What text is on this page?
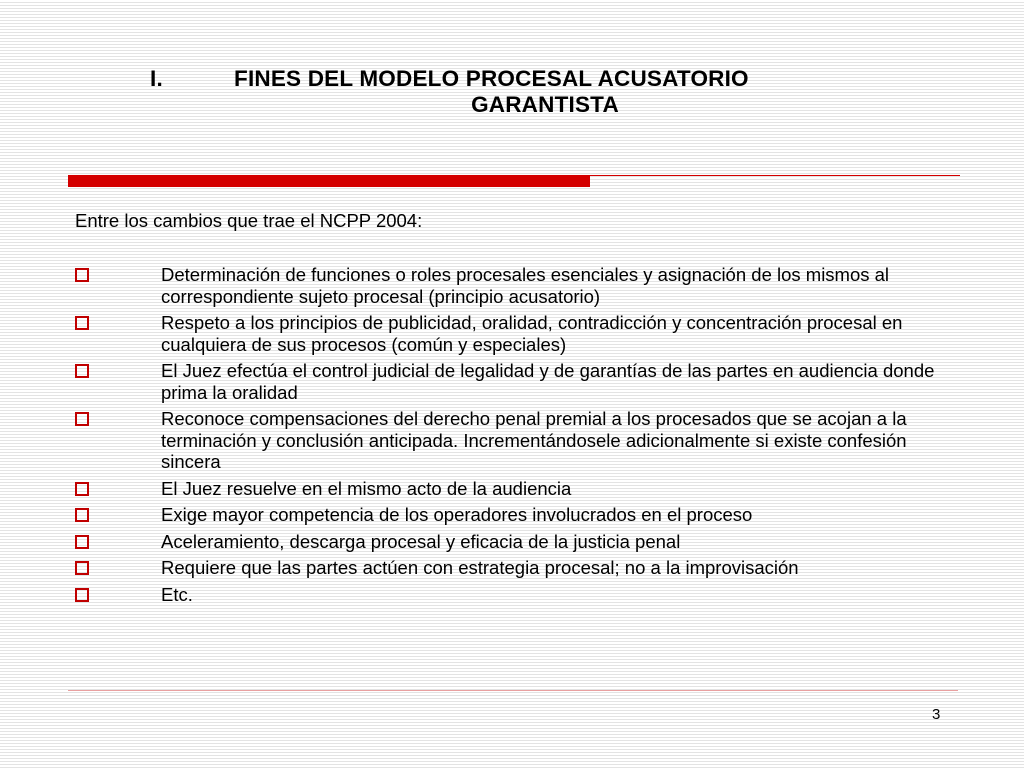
I.	FINES DEL MODELO PROCESAL ACUSATORIO
GARANTISTA
Entre los cambios que trae el NCPP 2004:
Determinación de funciones o roles procesales esenciales y asignación de los mismos al correspondiente sujeto procesal (principio acusatorio)
Respeto a los principios de publicidad, oralidad, contradicción y concentración procesal en cualquiera de sus procesos (común y especiales)
El Juez efectúa el control judicial de legalidad y de garantías de las partes en audiencia donde prima la oralidad
Reconoce compensaciones del derecho penal premial a los procesados que se acojan a la terminación y conclusión anticipada. Incrementándosele adicionalmente si existe confesión sincera
El Juez resuelve en el mismo acto de la audiencia
Exige mayor competencia de los operadores involucrados en el proceso
Aceleramiento, descarga procesal y eficacia de la justicia penal
Requiere que las partes actúen con estrategia procesal; no a la improvisación
Etc.
3
